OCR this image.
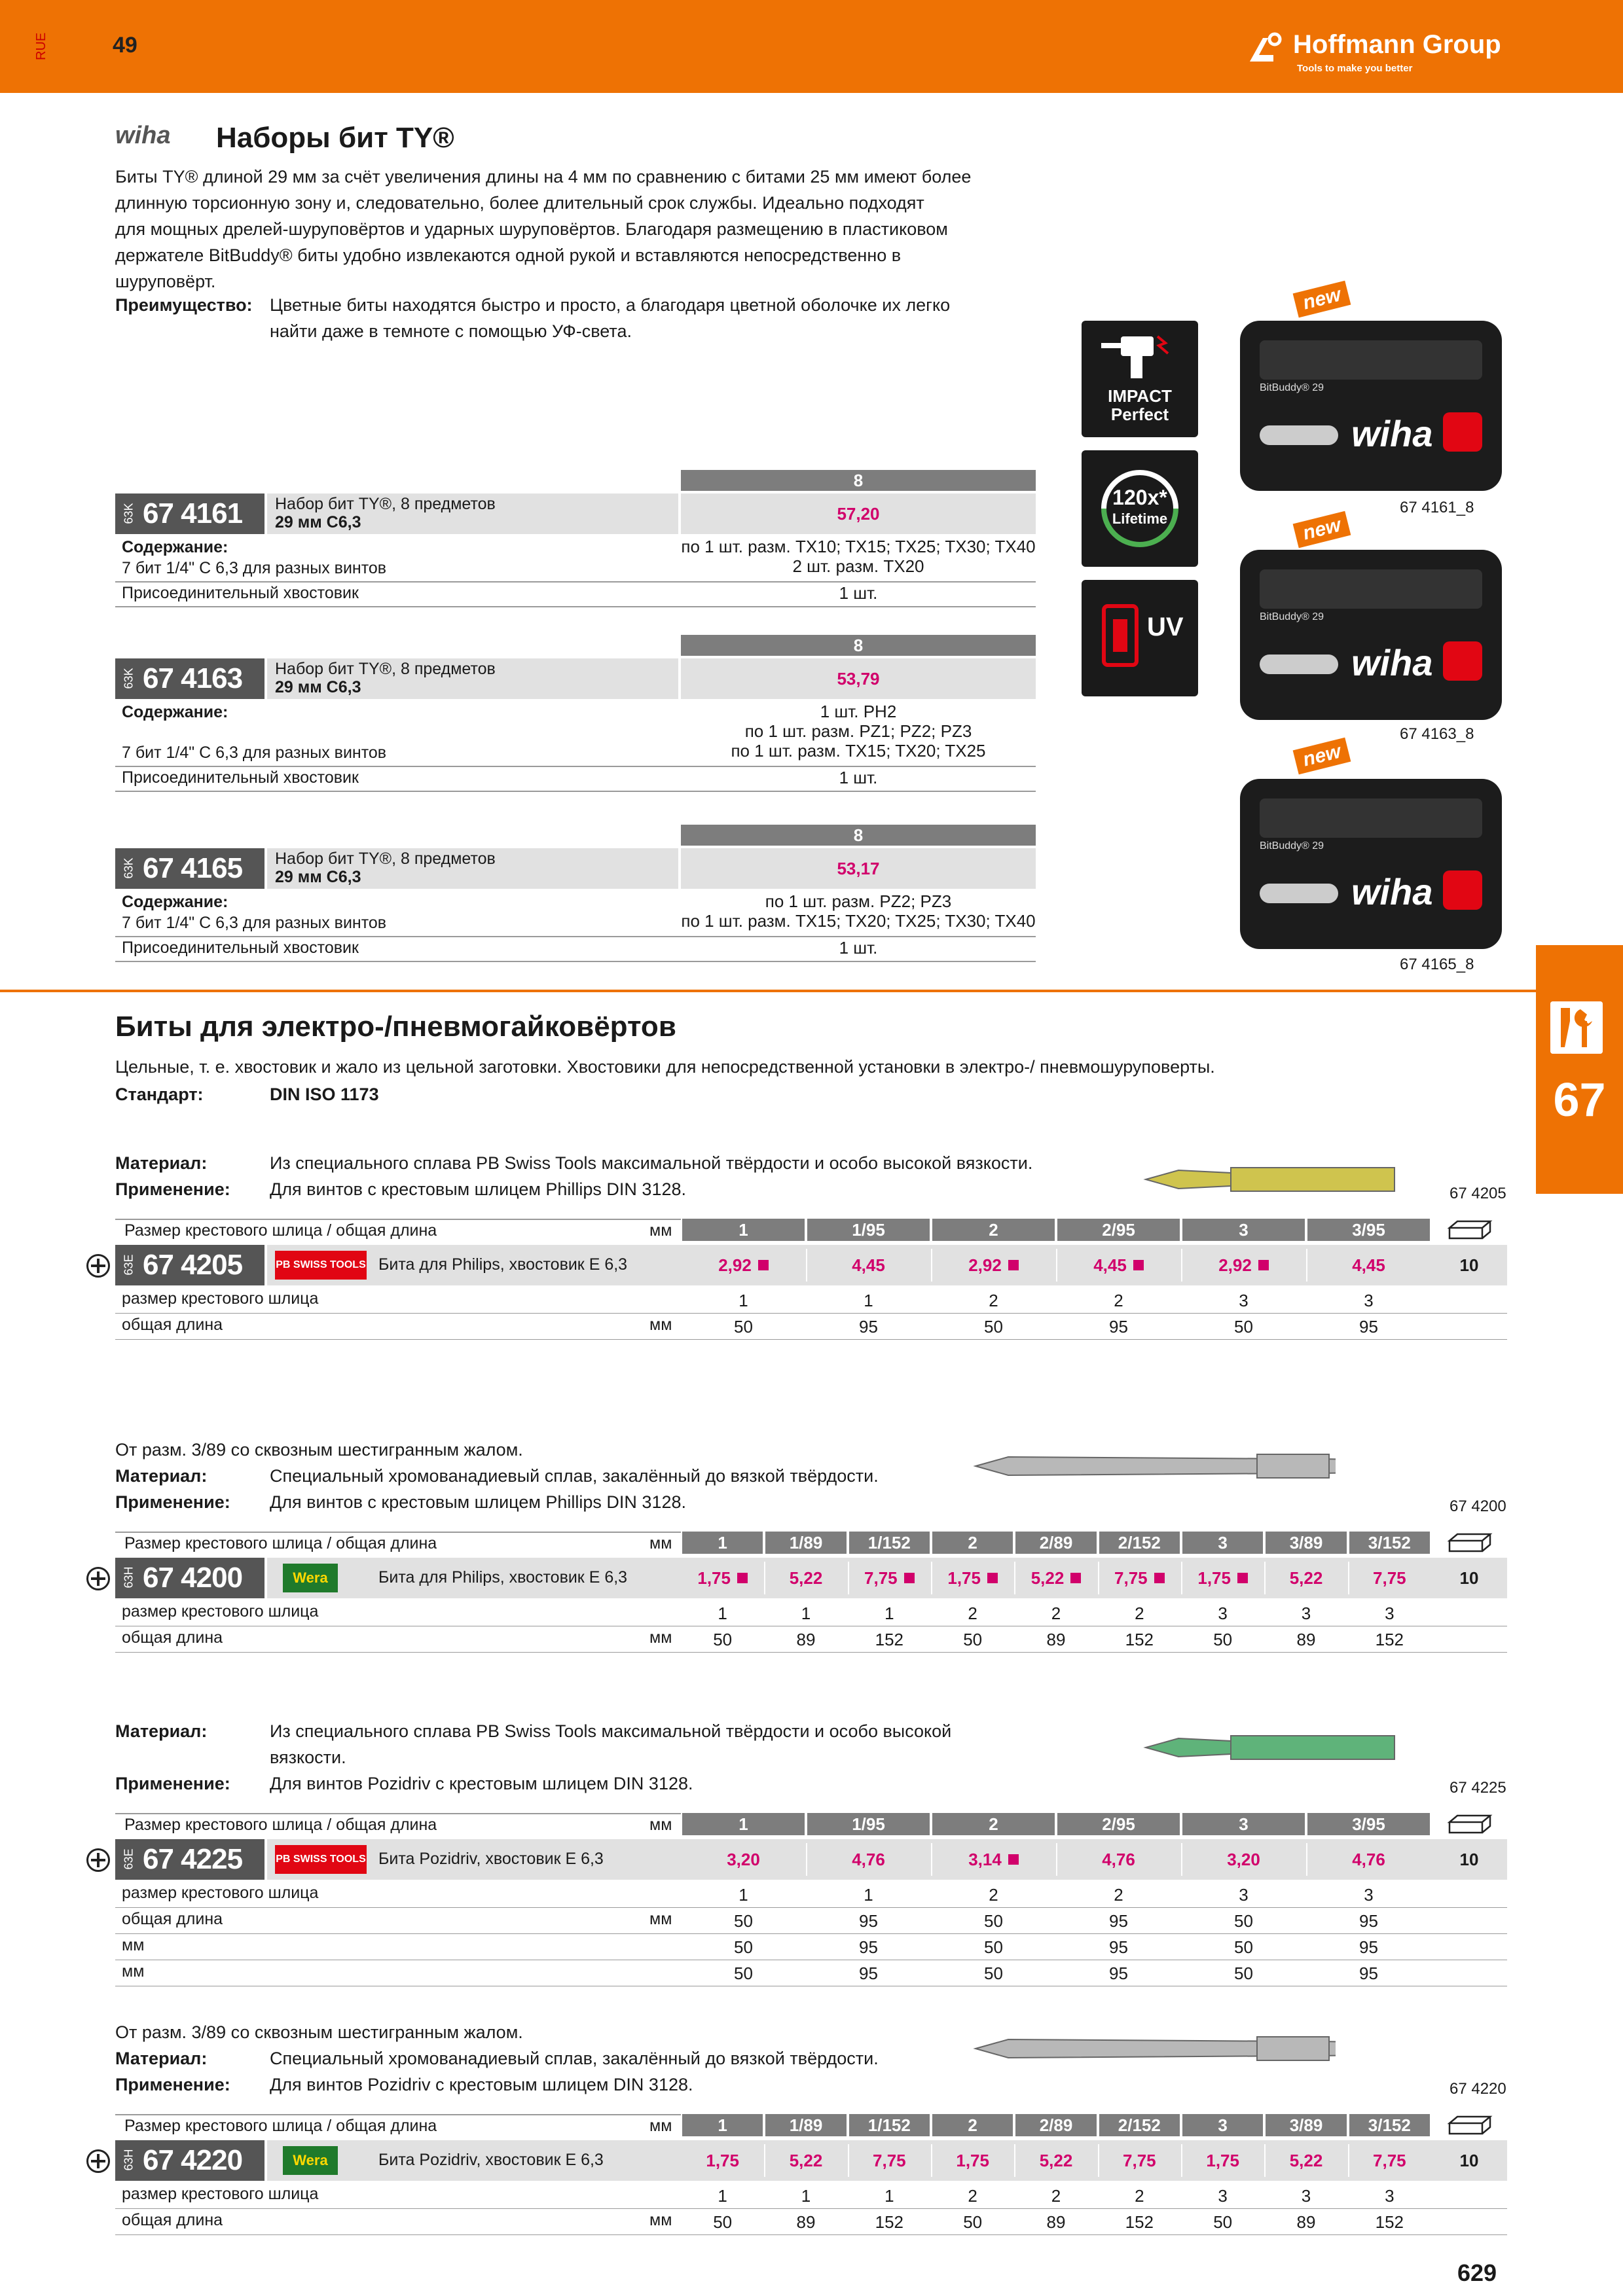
RUE	49	Hoffmann Group
Tools to make you better
wiha	Наборы бит TY®
Биты TY® длиной 29 мм за счёт увеличения длины на 4 мм по сравнению с битами 25 мм имеют более
длинную торсионную зону и, следовательно, более длительный срок службы. Идеально подходят
для мощных дрелей-шуруповёртов и ударных шуруповёртов. Благодаря размещению в пластиковом
держателе BitBuddy® биты удобно извлекаются одной рукой и вставляются непосредственно в
шуруповёрт.
Преимущество: Цветные биты находятся быстро и просто, а благодаря цветной оболочке их легко
найти даже в темноте с помощью УФ-света.
IMPACT
Perfect
120x*
Lifetime
UV
new
BitBuddy® 29
wiha
67 4161_8
new
BitBuddy® 29
wiha
67 4163_8
new
BitBuddy® 29
wiha
67 4165_8
8
63K 67 4161 Набор бит TY®, 8 предметов
29 мм C6,3	57,20
Содержание:
7 бит 1/4" C 6,3 для разных винтов
по 1 шт. разм. TX10; TX15; TX25; TX30; TX40
2 шт. разм. TX20
Присоединительный хвостовик	1 шт.
8
63K 67 4163 Набор бит TY®, 8 предметов
29 мм C6,3	53,79
Содержание:
7 бит 1/4" C 6,3 для разных винтов
1 шт. PH2
по 1 шт. разм. PZ1; PZ2; PZ3
по 1 шт. разм. TX15; TX20; TX25
Присоединительный хвостовик	1 шт.
8
63K 67 4165 Набор бит TY®, 8 предметов
29 мм C6,3	53,17
Содержание:
7 бит 1/4" C 6,3 для разных винтов
по 1 шт. разм. PZ2; PZ3
по 1 шт. разм. TX15; TX20; TX25; TX30; TX40
Присоединительный хвостовик	1 шт.
Биты для электро-/пневмогайковёртов
Цельные, т. е. хвостовик и жало из цельной заготовки. Хвостовики для непосредственной установки в электро-/ пневмошуруповерты.
Стандарт:	DIN ISO 1173	67
Материал:	Из специального сплава PB Swiss Tools максимальной твёрдости и особо высокой вязкости.
Применение: Для винтов с крестовым шлицем Phillips DIN 3128.	67 4205
Размер крестового шлица / общая длина	мм	1	1/95	2	2/95	3	3/95
63E 67 4205	PB SWISS TOOLS Бита для Philips, хвостовик E 6,3	2,92	4,45	2,92	4,45	2,92	4,45	10
размер крестового шлица	1	1	2	2	3	3
общая длина	мм	50	95	50	95	50	95
От разм. 3/89 со сквозным шестигранным жалом.
Материал:	Специальный хромованадиевый сплав, закалённый до вязкой твёрдости.
Применение: Для винтов с крестовым шлицем Phillips DIN 3128.	67 4200
Размер крестового шлица / общая длина	мм	1	1/89	1/152	2	2/89	2/152	3	3/89	3/152
63H 67 4200	Wera	Бита для Philips, хвостовик E 6,3	1,75	5,22 7,75	1,75	5,22	7,75	1,75	5,22	7,75	10
размер крестового шлица	1	1	1	2	2	2	3	3	3
общая длина	мм	50	89	152	50	89	152	50	89	152
Материал:	Из специального сплава PB Swiss Tools максимальной твёрдости и особо высокой
вязкости.
Применение: Для винтов Pozidriv с крестовым шлицем DIN 3128.	67 4225
Размер крестового шлица / общая длина	мм	1	1/95	2	2/95	3	3/95
63E 67 4225	PB SWISS TOOLS Бита Pozidriv, хвостовик E 6,3	3,20	4,76	3,14	4,76	3,20	4,76	10
размер крестового шлица	1	1	2	2	3	3
общая длина	мм	50	95	50	95	50	95
мм	50	95	50	95	50	95
мм	50	95	50	95	50	95
От разм. 3/89 со сквозным шестигранным жалом.
Материал:	Специальный хромованадиевый сплав, закалённый до вязкой твёрдости.
Применение: Для винтов Pozidriv с крестовым шлицем DIN 3128.	67 4220
Размер крестового шлица / общая длина	мм	1	1/89	1/152	2	2/89	2/152	3	3/89	3/152
63H 67 4220	Wera	Бита Pozidriv, хвостовик E 6,3	1,75	5,22	7,75	1,75	5,22	7,75	1,75	5,22	7,75	10
размер крестового шлица	1	1	1	2	2	2	3	3	3
общая длина	мм	50	89	152	50	89	152	50	89	152
629
